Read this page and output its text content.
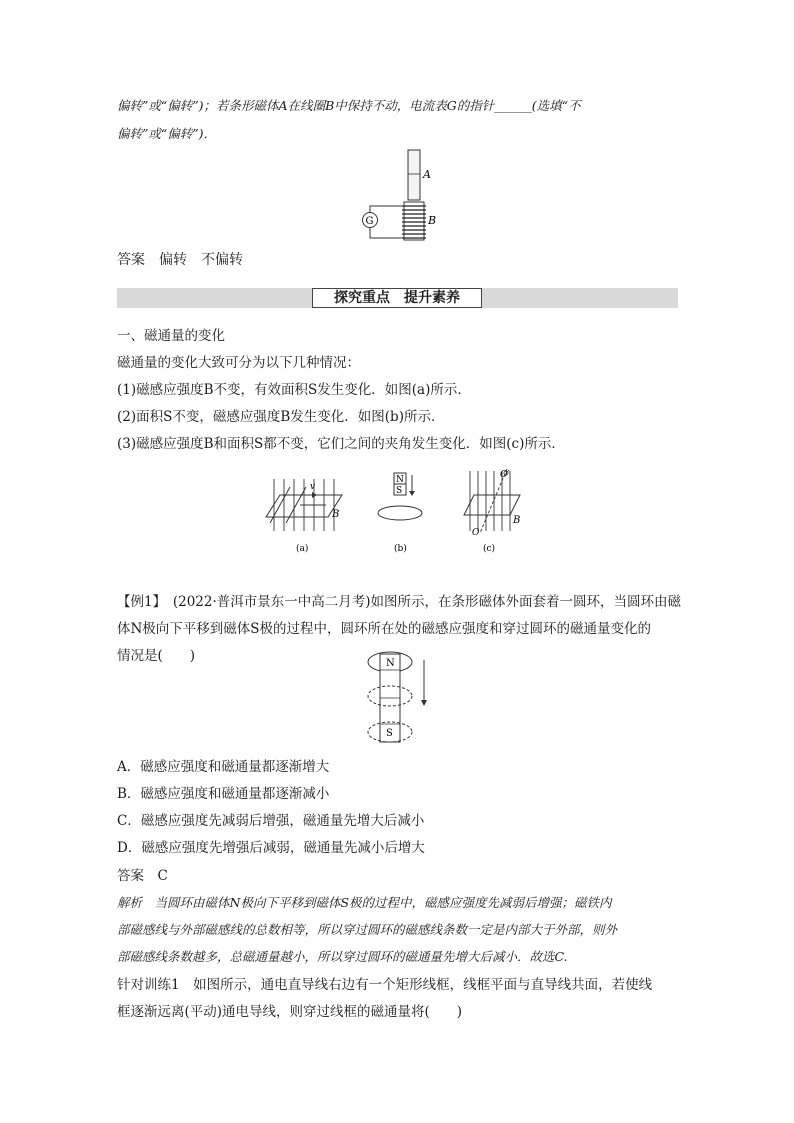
偏转”或“偏转”)；若条形磁体A在线圈B中保持不动，电流表G的指针______(选填“不
偏转”或“偏转”)．
A
B
G
答案　偏转　不偏转
探究重点　 提升素养
一、磁通量的变化
磁通量的变化大致可分为以下几种情况：
(1)磁感应强度B不变，有效面积S发生变化．如图(a)所示．
(2)面积S不变，磁感应强度B发生变化．如图(b)所示．
(3)磁感应强度B和面积S都不变，它们之间的夹角发生变化．如图(c)所示．
v
B
(a)
N
S
(b)
O′
O
B
(c)
【例1】　(2022·普洱市景东一中高二月考)如图所示，在条形磁体外面套着一圆环，当圆环由磁
体N极向下平移到磁体S极的过程中，圆环所在处的磁感应强度和穿过圆环的磁通量变化的
情况是(　　)	N
S
A．磁感应强度和磁通量都逐渐增大
B．磁感应强度和磁通量都逐渐减小
C．磁感应强度先减弱后增强，磁通量先增大后减小
D．磁感应强度先增强后减弱，磁通量先减小后增大
答案　C
解析　当圆环由磁体N极向下平移到磁体S极的过程中，磁感应强度先减弱后增强；磁铁内
部磁感线与外部磁感线的总数相等，所以穿过圆环的磁感线条数一定是内部大于外部，则外
部磁感线条数越多，总磁通量越小，所以穿过圆环的磁通量先增大后减小．故选C.
针对训练1　如图所示，通电直导线右边有一个矩形线框，线框平面与直导线共面，若使线
框逐渐远离(平动)通电导线，则穿过线框的磁通量将(　　)
